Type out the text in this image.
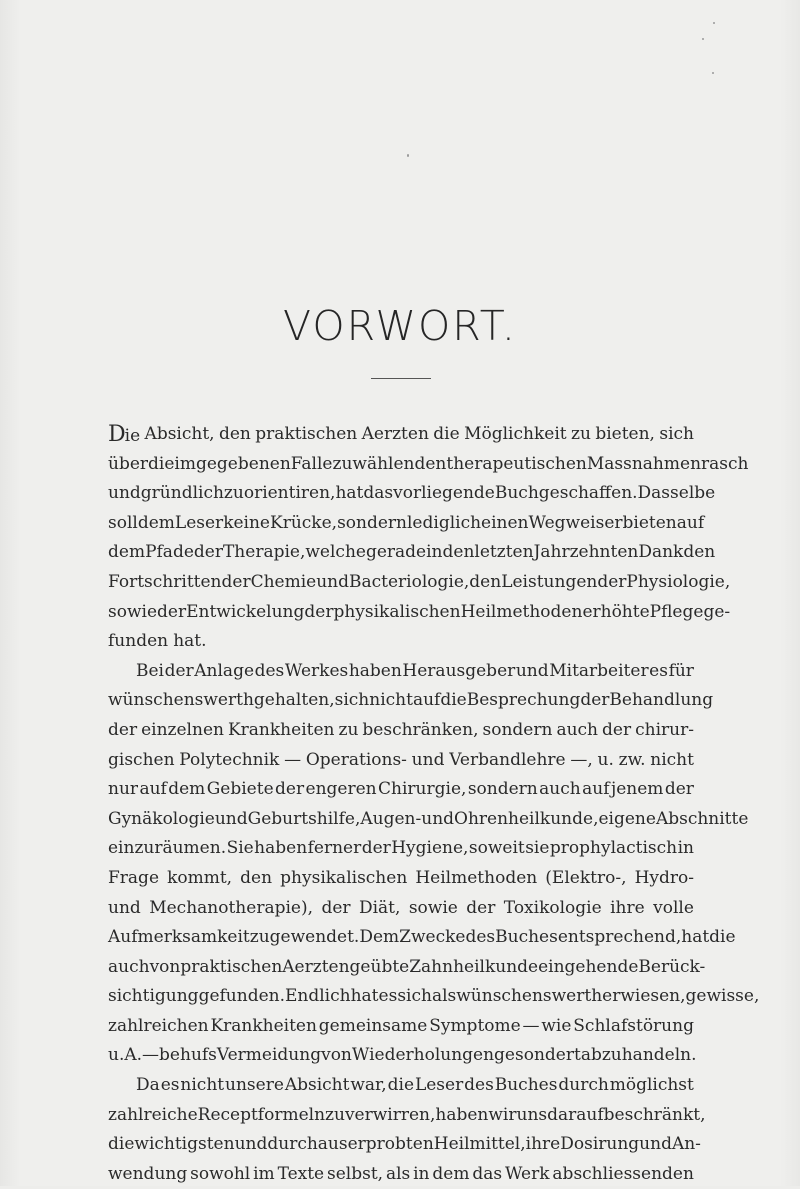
VORWORT.
Die Absicht, den praktischen Aerzten die Möglichkeit zu bieten, sich
über die im gegebenen Falle zu wählenden therapeutischen Massnahmen rasch
und gründlich zu orientiren, hat das vorliegende Buch geschaffen. Dasselbe
soll dem Leser keine Krücke, sondern lediglich einen Wegweiser bieten auf
dem Pfade der Therapie, welche gerade in den letzten Jahrzehnten Dank den
Fortschritten der Chemie und Bacteriologie, den Leistungen der Physiologie,
sowie der Entwickelung der physikalischen Heilmethoden erhöhte Pflege ge-
funden hat.
Bei der Anlage des Werkes haben Herausgeber und Mitarbeiter es für
wünschenswerth gehalten, sich nicht auf die Besprechung der Behandlung
der einzelnen Krankheiten zu beschränken, sondern auch der chirur-
gischen Polytechnik — Operations- und Verbandlehre —, u. zw. nicht
nur auf dem Gebiete der engeren Chirurgie, sondern auch auf jenem der
Gynäkologie und Geburtshilfe, Augen- und Ohrenheilkunde, eigene Abschnitte
einzuräumen. Sie haben ferner der Hygiene, soweit sie prophylactisch in
Frage kommt, den physikalischen Heilmethoden (Elektro-, Hydro-
und Mechanotherapie), der Diät, sowie der Toxikologie ihre volle
Aufmerksamkeit zugewendet. Dem Zwecke des Buches entsprechend, hat die
auch von praktischen Aerzten geübte Zahnheilkunde eingehende Berück-
sichtigung gefunden. Endlich hat es sich als wünschenswerth erwiesen, gewisse,
zahlreichen Krankheiten gemeinsame Symptome — wie Schlafstörung
u. A. — behufs Vermeidung von Wiederholungen gesondert abzuhandeln.
Da es nicht unsere Absicht war, die Leser des Buches durch möglichst
zahlreiche Receptformeln zu verwirren, haben wir uns darauf beschränkt,
die wichtigsten und durchaus erprobten Heilmittel, ihre Dosirung und An-
wendung sowohl im Texte selbst, als in dem das Werk abschliessenden
